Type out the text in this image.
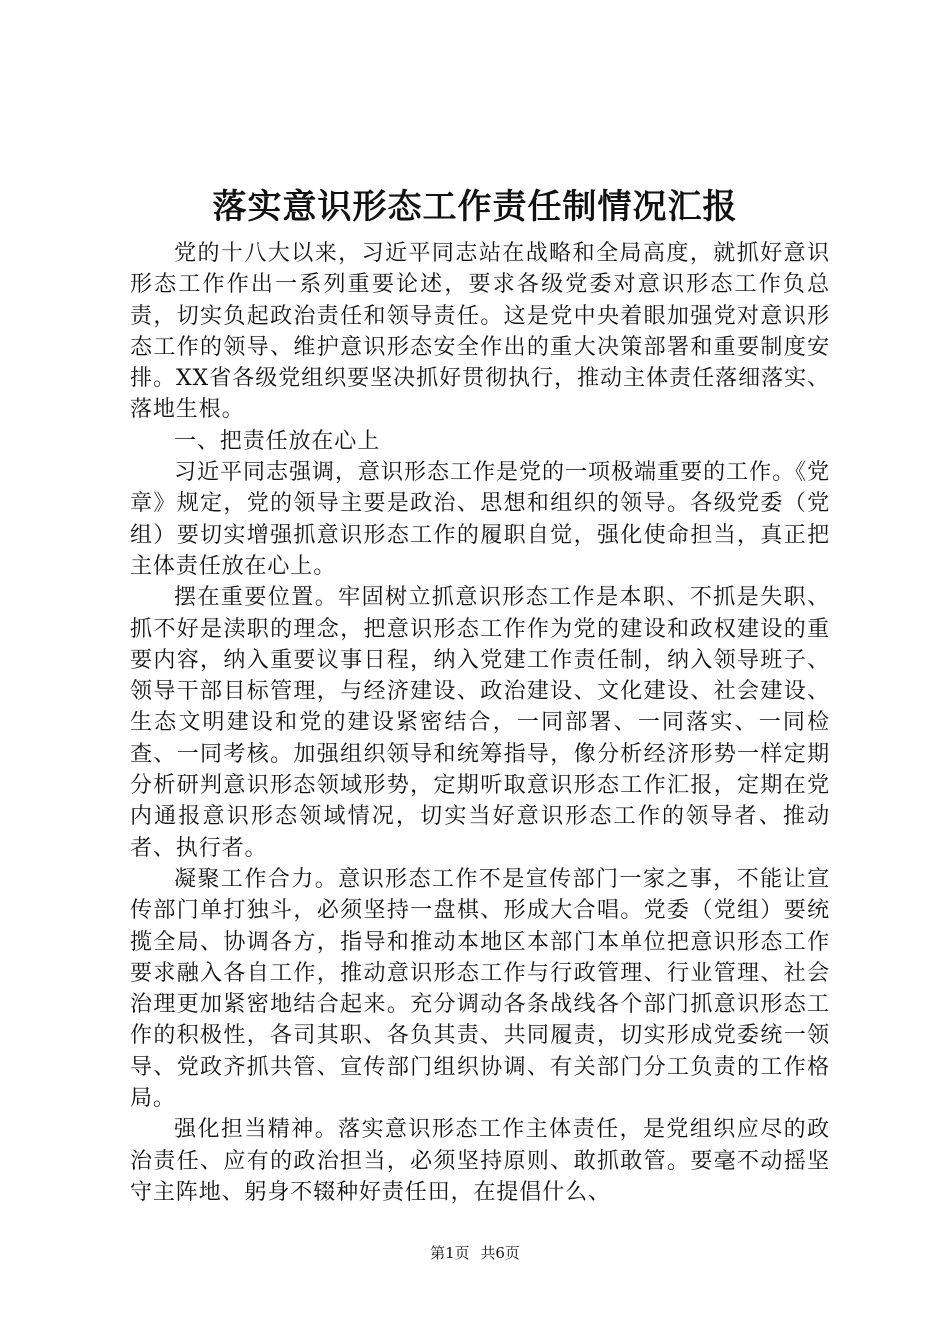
落实意识形态工作责任制情况汇报

党的十八大以来，习近平同志站在战略和全局高度，就抓好意识形态工作作出一系列重要论述，要求各级党委对意识形态工作负总责，切实负起政治责任和领导责任。这是党中央着眼加强党对意识形态工作的领导、维护意识形态安全作出的重大决策部署和重要制度安排。XX省各级党组织要坚决抓好贯彻执行，推动主体责任落细落实、落地生根。

一、把责任放在心上

习近平同志强调，意识形态工作是党的一项极端重要的工作。《党章》规定，党的领导主要是政治、思想和组织的领导。各级党委（党组）要切实增强抓意识形态工作的履职自觉，强化使命担当，真正把主体责任放在心上。

摆在重要位置。牢固树立抓意识形态工作是本职、不抓是失职、抓不好是渎职的理念，把意识形态工作作为党的建设和政权建设的重要内容，纳入重要议事日程，纳入党建工作责任制，纳入领导班子、领导干部目标管理，与经济建设、政治建设、文化建设、社会建设、生态文明建设和党的建设紧密结合，一同部署、一同落实、一同检查、一同考核。加强组织领导和统筹指导，像分析经济形势一样定期分析研判意识形态领域形势，定期听取意识形态工作汇报，定期在党内通报意识形态领域情况，切实当好意识形态工作的领导者、推动者、执行者。

凝聚工作合力。意识形态工作不是宣传部门一家之事，不能让宣传部门单打独斗，必须坚持一盘棋、形成大合唱。党委（党组）要统揽全局、协调各方，指导和推动本地区本部门本单位把意识形态工作要求融入各自工作，推动意识形态工作与行政管理、行业管理、社会治理更加紧密地结合起来。充分调动各条战线各个部门抓意识形态工作的积极性，各司其职、各负其责、共同履责，切实形成党委统一领导、党政齐抓共管、宣传部门组织协调、有关部门分工负责的工作格局。

强化担当精神。落实意识形态工作主体责任，是党组织应尽的政治责任、应有的政治担当，必须坚持原则、敢抓敢管。要毫不动摇坚守主阵地、躬身不辍种好责任田，在提倡什么、

第1页 共6页
